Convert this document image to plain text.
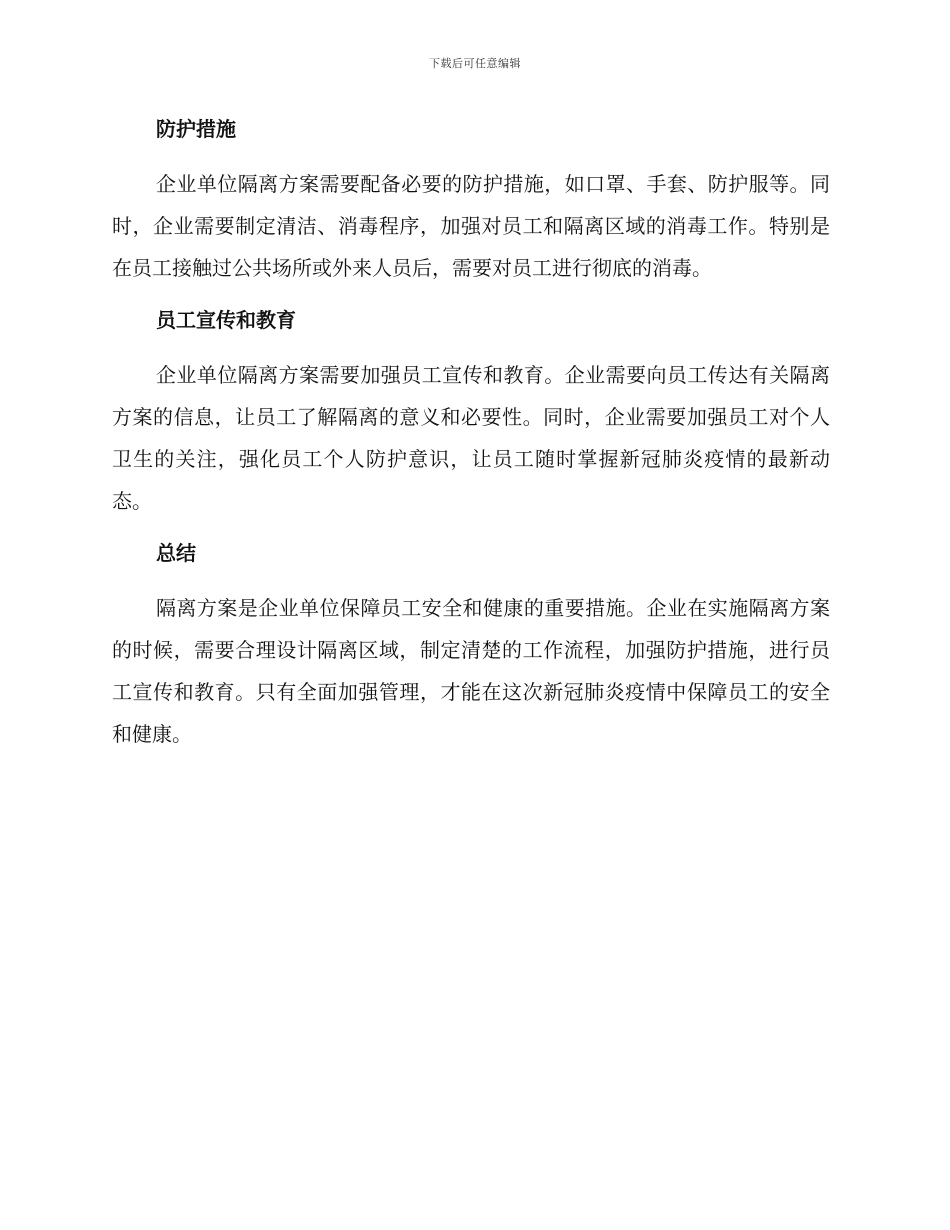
下载后可任意编辑
防护措施

企业单位隔离方案需要配备必要的防护措施，如口罩、手套、防护服等。同时，企业需要制定清洁、消毒程序，加强对员工和隔离区域的消毒工作。特别是在员工接触过公共场所或外来人员后，需要对员工进行彻底的消毒。

员工宣传和教育

企业单位隔离方案需要加强员工宣传和教育。企业需要向员工传达有关隔离方案的信息，让员工了解隔离的意义和必要性。同时，企业需要加强员工对个人卫生的关注，强化员工个人防护意识，让员工随时掌握新冠肺炎疫情的最新动态。

总结

隔离方案是企业单位保障员工安全和健康的重要措施。企业在实施隔离方案的时候，需要合理设计隔离区域，制定清楚的工作流程，加强防护措施，进行员工宣传和教育。只有全面加强管理，才能在这次新冠肺炎疫情中保障员工的安全和健康。
